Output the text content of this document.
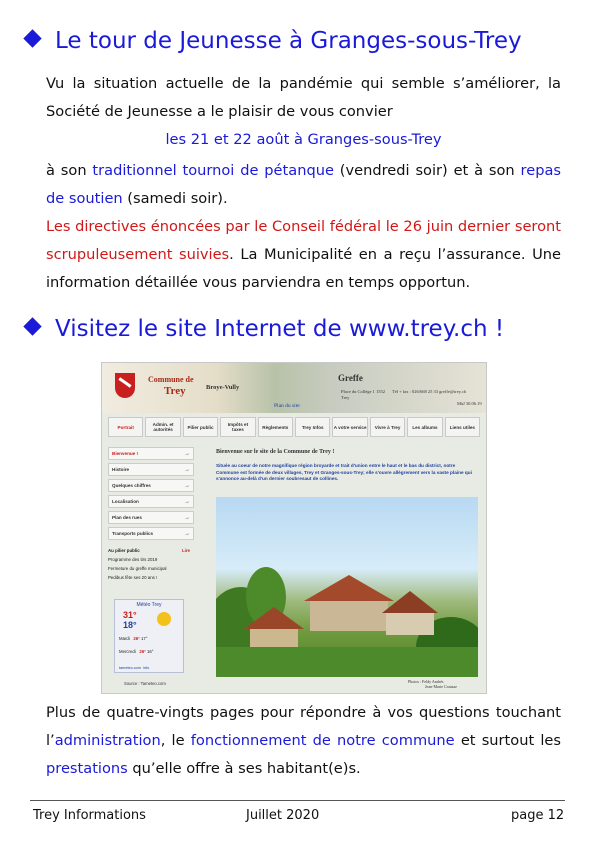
Le tour de Jeunesse à Granges-sous-Trey
Vu la situation actuelle de la pandémie qui semble s’améliorer, la Société de Jeunesse a le plaisir de vous convier
les 21 et 22 août à Granges-sous-Trey
à son traditionnel tournoi de pétanque (vendredi soir) et à son repas de soutien (samedi soir).
Les directives énoncées par le Conseil fédéral le 26 juin dernier seront scrupuleusement suivies. La Municipalité en a reçu l’assurance. Une information détaillée vous parviendra en temps opportun.
Visitez le site Internet de www.trey.ch !
Commune de
Trey	Broye-Vully
Greffe
Place du Collège 1 1552 Trey
Tél + fax : 026/668 25 33 greffe@trey.ch
MàJ 30.06.19
Plan du site
Portrait	Admin. et autorités	Pilier public	Impôts et taxes	Règlements	Trey Infos	A votre service	Vivre à Trey	Les albums	Liens utiles
Bienvenue ! →
Histoire →
Quelques chiffres →
Localisation →
Plan des rues →
Transports publics →
Au pilier public	Lire
Programme des tirs 2019
Fermeture du greffe municipal
Pedibus fête ses 20 ans !
Météo Trey
31°
18°
Mardi 26° 17°
Mercredi 26° 16°
tameteo.com info
Source : Tameteo.com
Bienvenue sur le site de la Commune de Trey !
Située au coeur de notre magnifique région broyarde et trait d'union entre le haut et le bas du district, notre Commune est formée de deux villages, Trey et Granges-sous-Trey; elle s'ouvre allègrement vers la vaste plaine qui s'annonce au-delà d'un dernier soubresaut de collines.
Photos : Feldy Andrés
Jean-Marie Crausaz
Plus de quatre-vingts pages pour répondre à vos questions touchant l’administration, le fonctionnement de notre commune et surtout les prestations qu’elle offre à ses habitant(e)s.
Trey Informations	Juillet 2020	page 12
